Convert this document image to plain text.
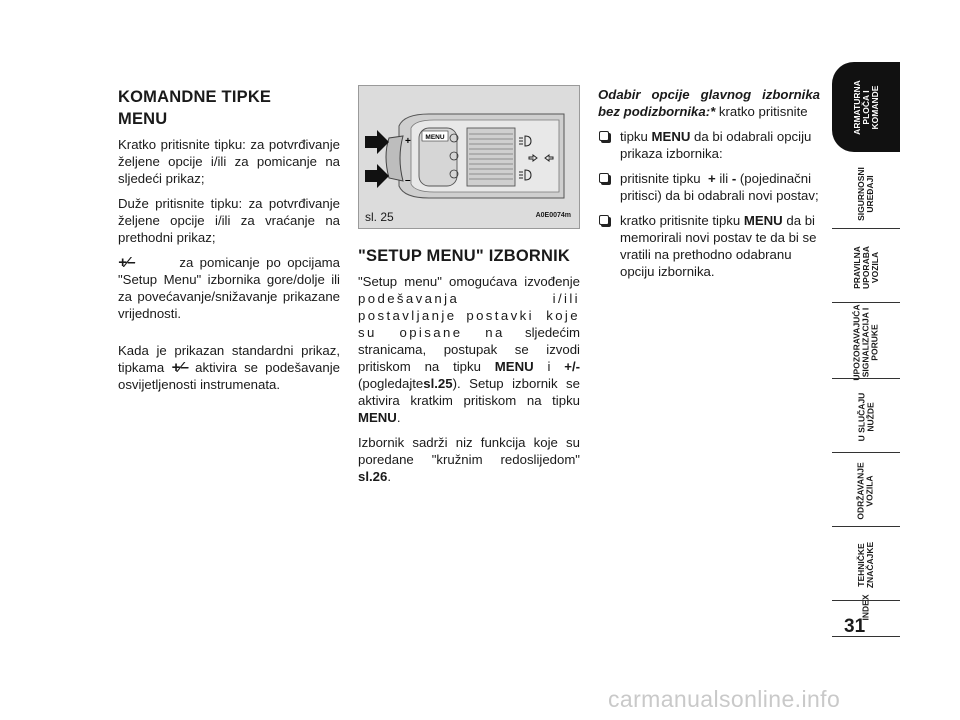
KOMANDNE TIPKE
MENU

Kratko pritisnite tipku: za potvrđivanje željene opcije i/ili za pomicanje na sljedeći prikaz;

Duže pritisnite tipku: za potvrđivanje željene opcije i/ili za vraćanje na prethodni prikaz;

+⁄–	za pomicanje po opcijama "Setup Menu" izbornika gore/dolje ili za povećavanje/snižavanje prikazane vrijednosti.

Kada je prikazan standardni prikaz, tipkama +⁄– aktivira se podešavanje osvijetljenosti instrumenata.

MENU
+
–
sl. 25	A0E0074m
"SETUP MENU" IZBORNIK

"Setup menu" omogućava izvođenje podešavanja i/ili postavljanje postavki koje su opisane na sljedećim stranicama, postupak se izvodi pritiskom na tipku MENU i +/- (pogledajtesl.25). Setup izbornik se aktivira kratkim pritiskom na tipku MENU.

Izbornik sadrži niz funkcija koje su poredane "kružnim redoslijedom" sl.26.

Odabir opcije glavnog izbornika bez podizbornika:* kratko pritisnite

tipku MENU da bi odabrali opciju prikaza izbornika:
pritisnite tipku + ili - (pojedinačni pritisci) da bi odabrali novi postav;
kratko pritisnite tipku MENU da bi memorirali novi postav te da bi se vratili na prethodno odabranu opciju izbornika.
ARMATURNA
PLOČA I
KOMANDE
SIGURNOSNI
UREĐAJI
PRAVILNA
UPORABA
VOZILA
UPOZORAVAJUĆA
SIGNALIZACIJA I
PORUKE
U SLUČAJU
NUŽDE
ODRŽAVANJE
VOZILA
TEHNIČKE
ZNAČAJKE
INDEX
31
carmanualsonline.info
